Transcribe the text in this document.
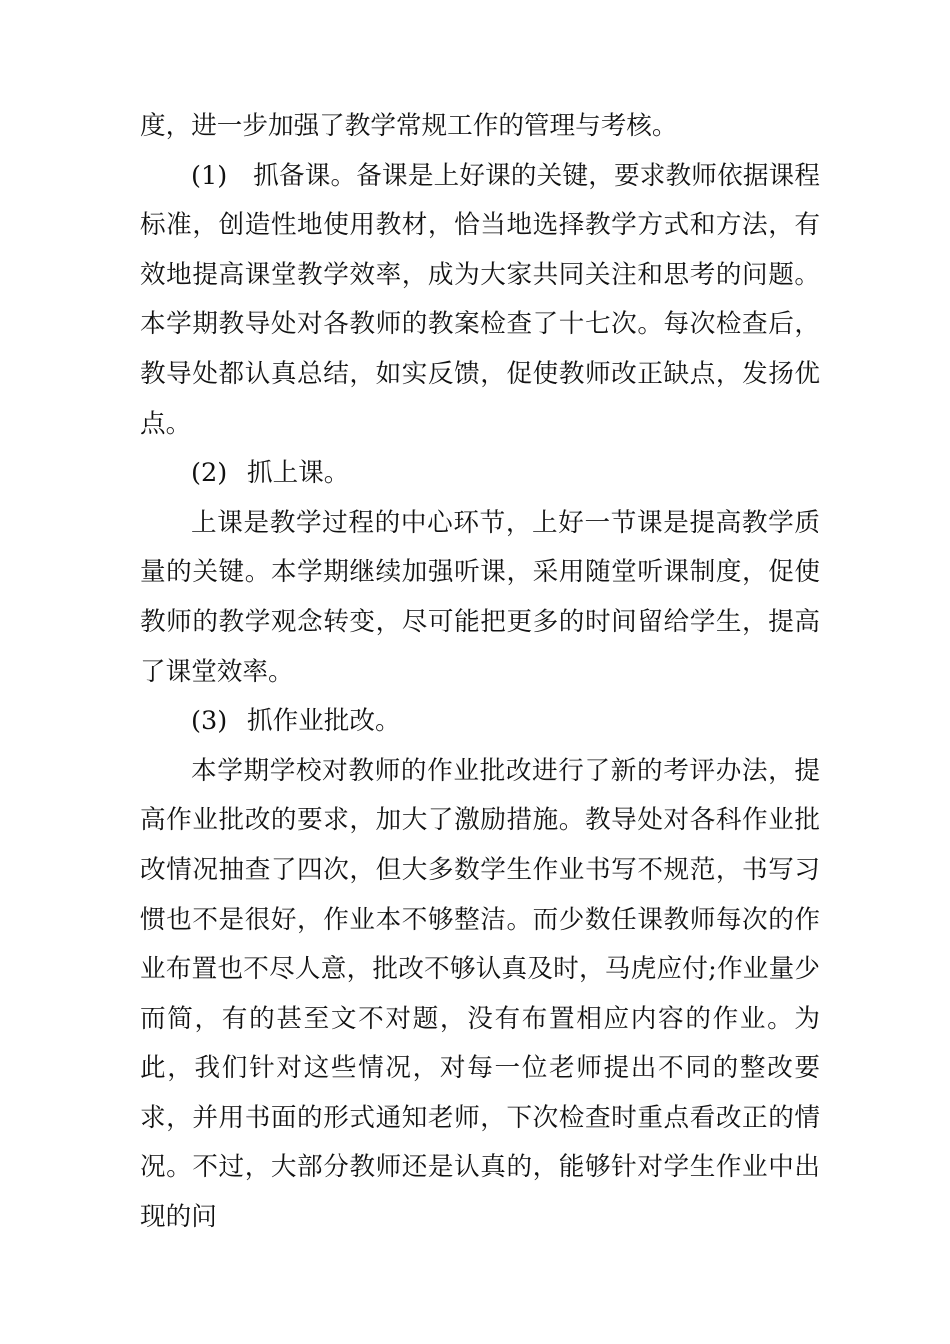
度，进一步加强了教学常规工作的管理与考核。

(1)　抓备课。备课是上好课的关键，要求教师依据课程标准，创造性地使用教材，恰当地选择教学方式和方法，有效地提高课堂教学效率，成为大家共同关注和思考的问题。本学期教导处对各教师的教案检查了十七次。每次检查后，教导处都认真总结，如实反馈，促使教师改正缺点，发扬优点。

(2) 抓上课。

上课是教学过程的中心环节，上好一节课是提高教学质量的关键。本学期继续加强听课，采用随堂听课制度，促使教师的教学观念转变，尽可能把更多的时间留给学生，提高了课堂效率。

(3) 抓作业批改。

本学期学校对教师的作业批改进行了新的考评办法，提高作业批改的要求，加大了激励措施。教导处对各科作业批改情况抽查了四次，但大多数学生作业书写不规范，书写习惯也不是很好，作业本不够整洁。而少数任课教师每次的作业布置也不尽人意，批改不够认真及时，马虎应付;作业量少而简，有的甚至文不对题，没有布置相应内容的作业。为此，我们针对这些情况，对每一位老师提出不同的整改要求，并用书面的形式通知老师，下次检查时重点看改正的情况。不过，大部分教师还是认真的，能够针对学生作业中出现的问
